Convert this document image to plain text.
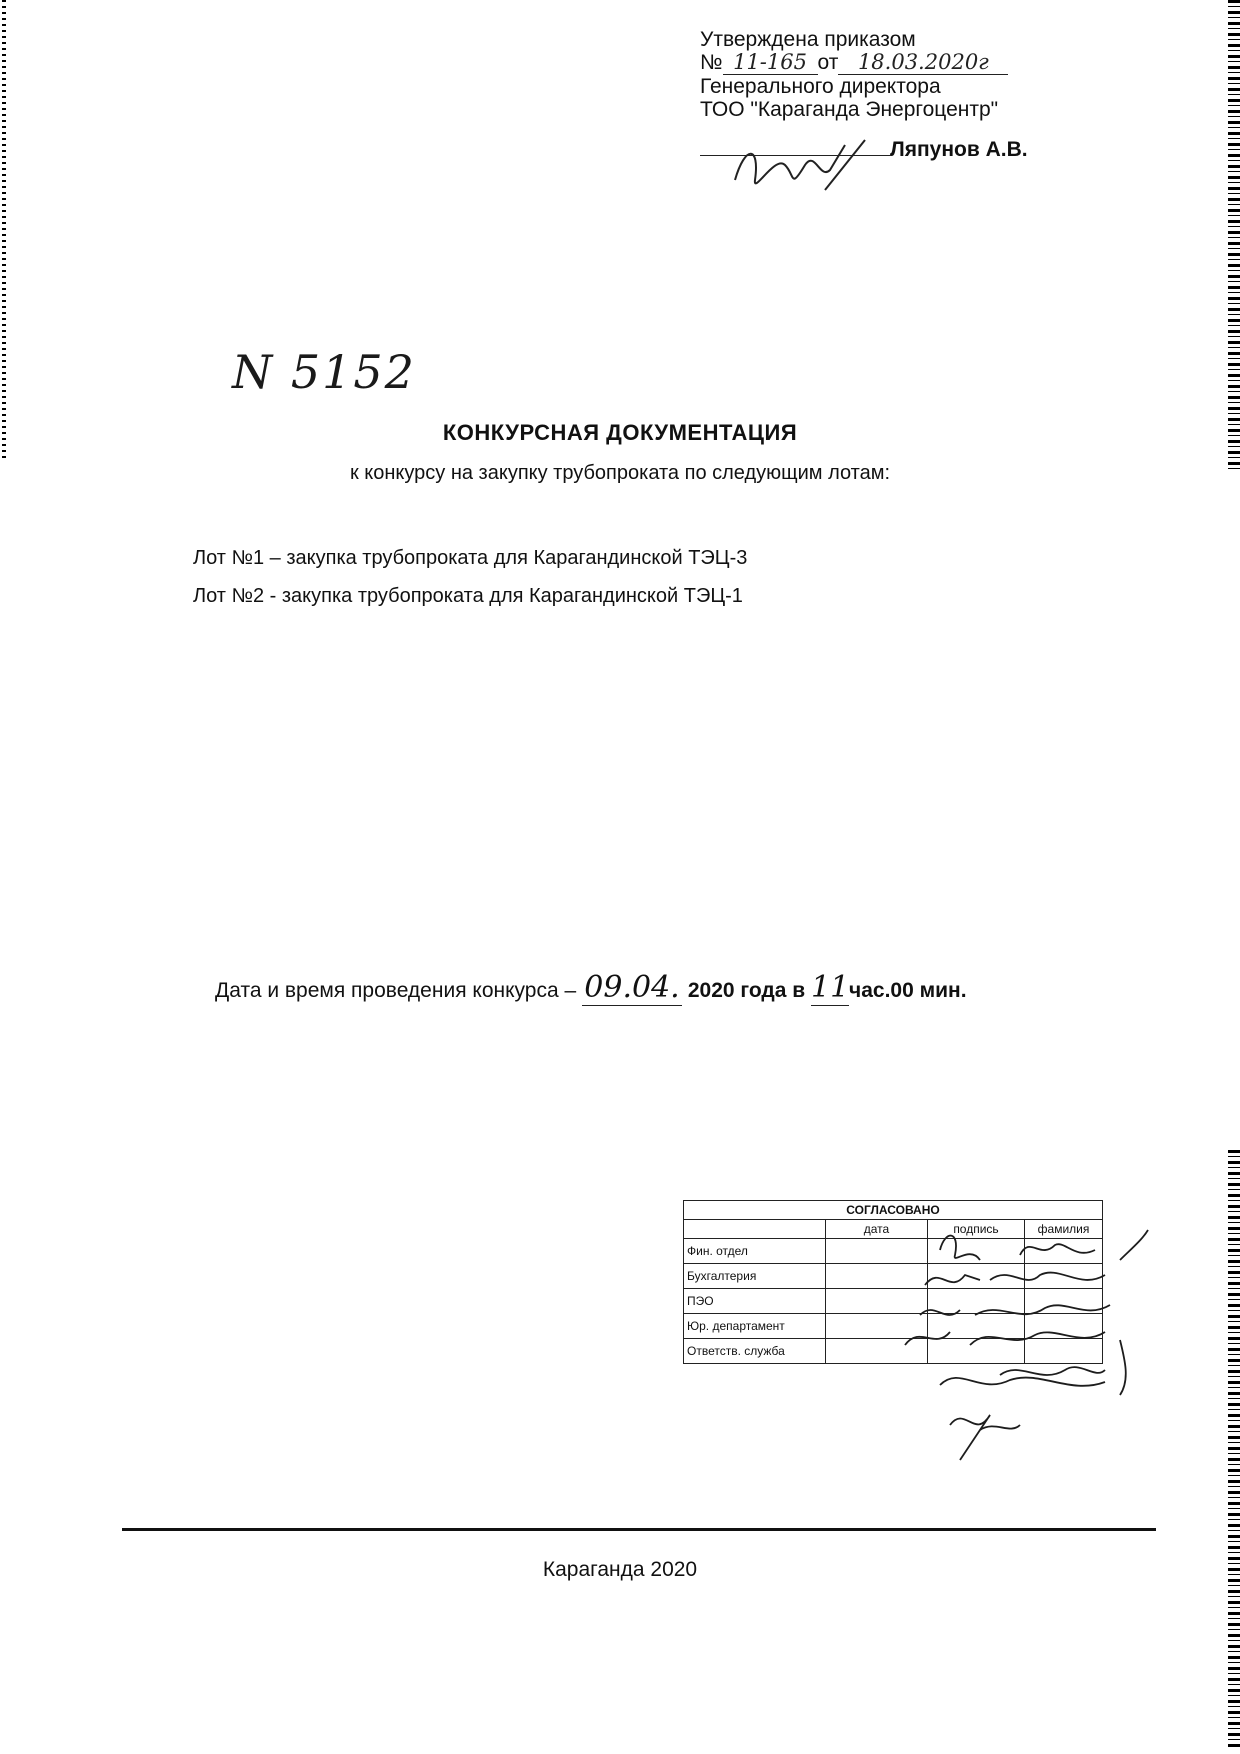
Утверждена приказом
№ 11-165 от 18.03.2020г
Генерального директора
ТОО "Караганда Энергоцентр"
Ляпунов А.В.
N 5152
КОНКУРСНАЯ ДОКУМЕНТАЦИЯ
к конкурсу на закупку трубопроката по следующим лотам:
Лот №1 – закупка трубопроката для Карагандинской ТЭЦ-3
Лот №2 - закупка трубопроката для Карагандинской ТЭЦ-1
Дата и время проведения конкурса – 09.04. 2020 года в 11час.00 мин.
СОГЛАСОВАНО			
	дата	подпись	фамилия
Фин. отдел			
Бухгалтерия			
ПЭО			
Юр. департамент			
Ответств. служба			
Караганда 2020
